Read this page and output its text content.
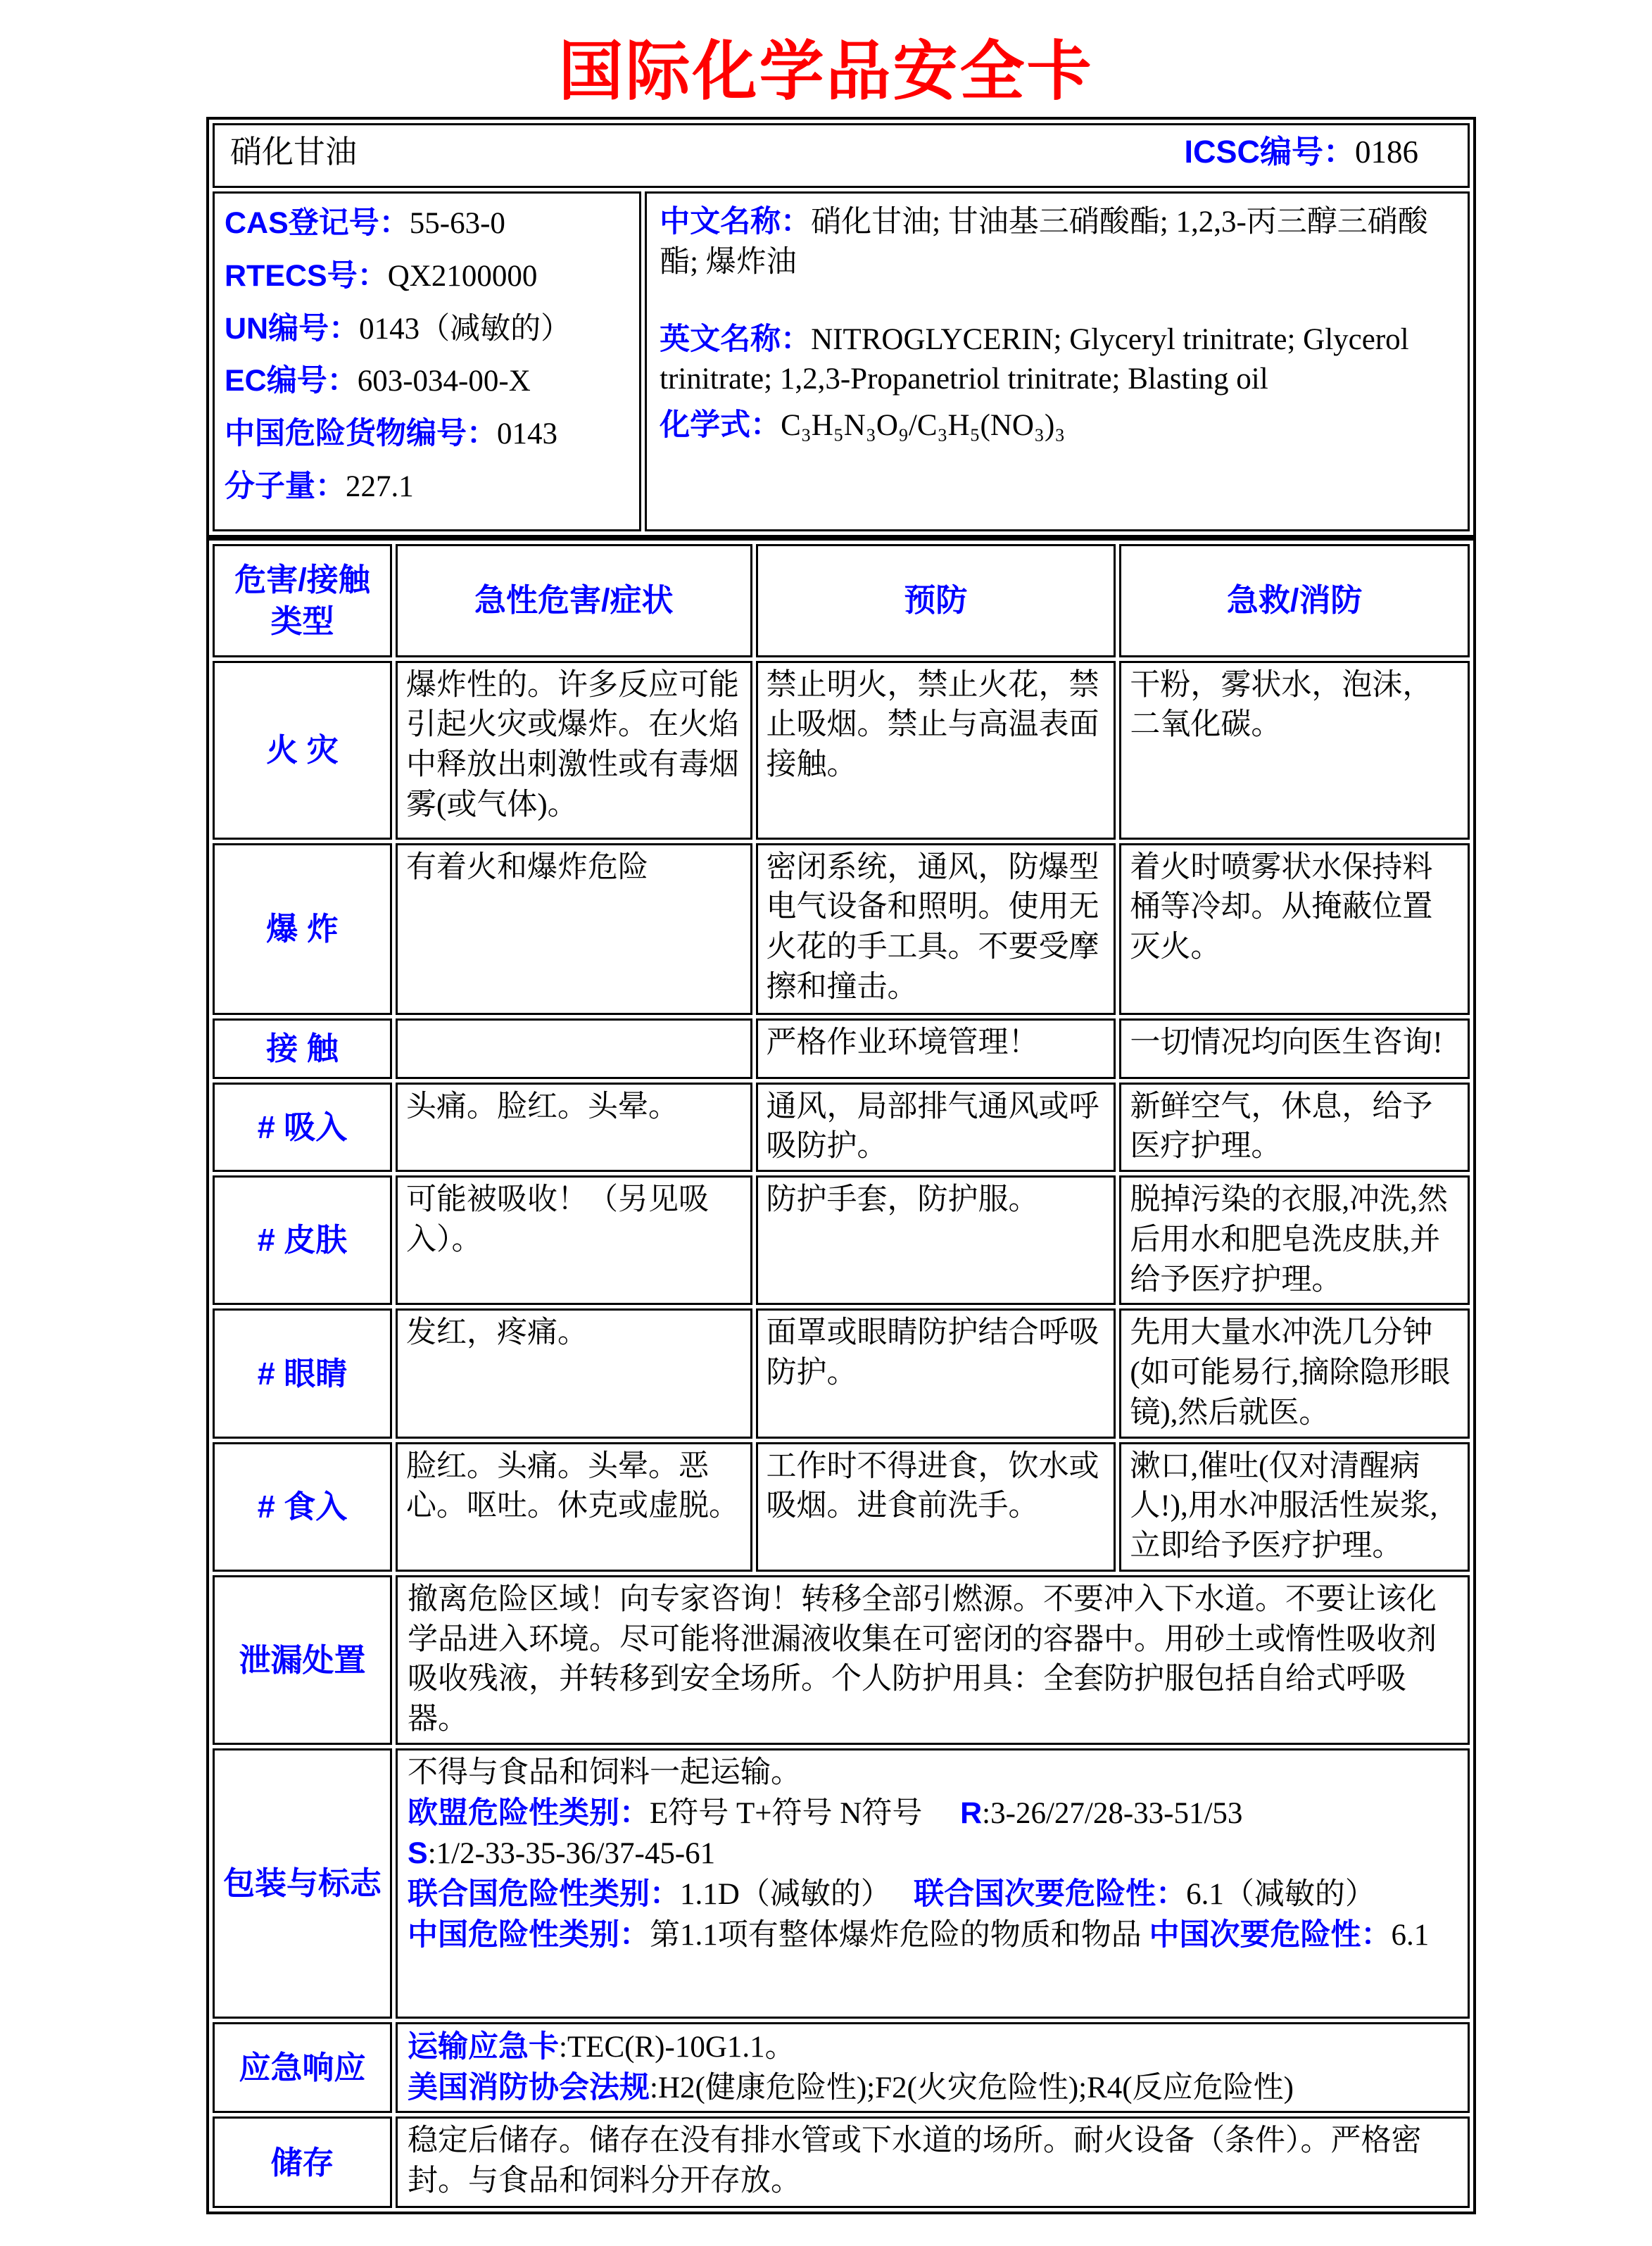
国际化学品安全卡
硝化甘油	ICSC编号：0186

CAS登记号：55-63-0
RTECS号：QX2100000
UN编号：0143（减敏的）
EC编号：603-034-00-X
中国危险货物编号：0143
分子量：227.1

中文名称：硝化甘油; 甘油基三硝酸酯; 1,2,3-丙三醇三硝酸酯; 爆炸油
英文名称：NITROGLYCERIN; Glyceryl trinitrate; Glycerol trinitrate; 1,2,3-Propanetriol trinitrate; Blasting oil
化学式：C₃H₅N₃O₉/C₃H₅(NO₃)₃
危害/接触类型	急性危害/症状	预防	急救/消防
火 灾	爆炸性的。许多反应可能引起火灾或爆炸。在火焰中释放出刺激性或有毒烟雾(或气体)。	禁止明火，禁止火花，禁止吸烟。禁止与高温表面接触。	干粉，雾状水，泡沫，二氧化碳。
爆 炸	有着火和爆炸危险	密闭系统，通风，防爆型电气设备和照明。使用无火花的手工具。不要受摩擦和撞击。	着火时喷雾状水保持料桶等冷却。从掩蔽位置灭火。
接 触		严格作业环境管理！	一切情况均向医生咨询!
# 吸入	头痛。脸红。头晕。	通风，局部排气通风或呼吸防护。	新鲜空气，休息，给予医疗护理。
# 皮肤	可能被吸收！（另见吸入）。	防护手套，防护服。	脱掉污染的衣服,冲洗,然后用水和肥皂洗皮肤,并给予医疗护理。
# 眼睛	发红，疼痛。	面罩或眼睛防护结合呼吸防护。	先用大量水冲洗几分钟(如可能易行,摘除隐形眼镜),然后就医。
# 食入	脸红。头痛。头晕。恶心。呕吐。休克或虚脱。	工作时不得进食，饮水或吸烟。进食前洗手。	漱口,催吐(仅对清醒病人!),用水冲服活性炭浆,立即给予医疗护理。
泄漏处置	撤离危险区域！向专家咨询！转移全部引燃源。不要冲入下水道。不要让该化学品进入环境。尽可能将泄漏液收集在可密闭的容器中。用砂土或惰性吸收剂吸收残液，并转移到安全场所。个人防护用具：全套防护服包括自给式呼吸器。		

包装与标志	不得与食品和饲料一起运输。
欧盟危险性类别：E符号 T+符号 N符号　 R:3-26/27/28-33-51/53
S:1/2-33-35-36/37-45-61
联合国危险性类别：1.1D（减敏的）　 联合国次要危险性：6.1（减敏的）
中国危险性类别：第1.1项有整体爆炸危险的物质和物品 中国次要危险性：6.1		

应急响应	运输应急卡:TEC(R)-10G1.1。
美国消防协会法规:H2(健康危险性);F2(火灾危险性);R4(反应危险性)		

储存	稳定后储存。储存在没有排水管或下水道的场所。耐火设备（条件）。严格密封。与食品和饲料分开存放。		
